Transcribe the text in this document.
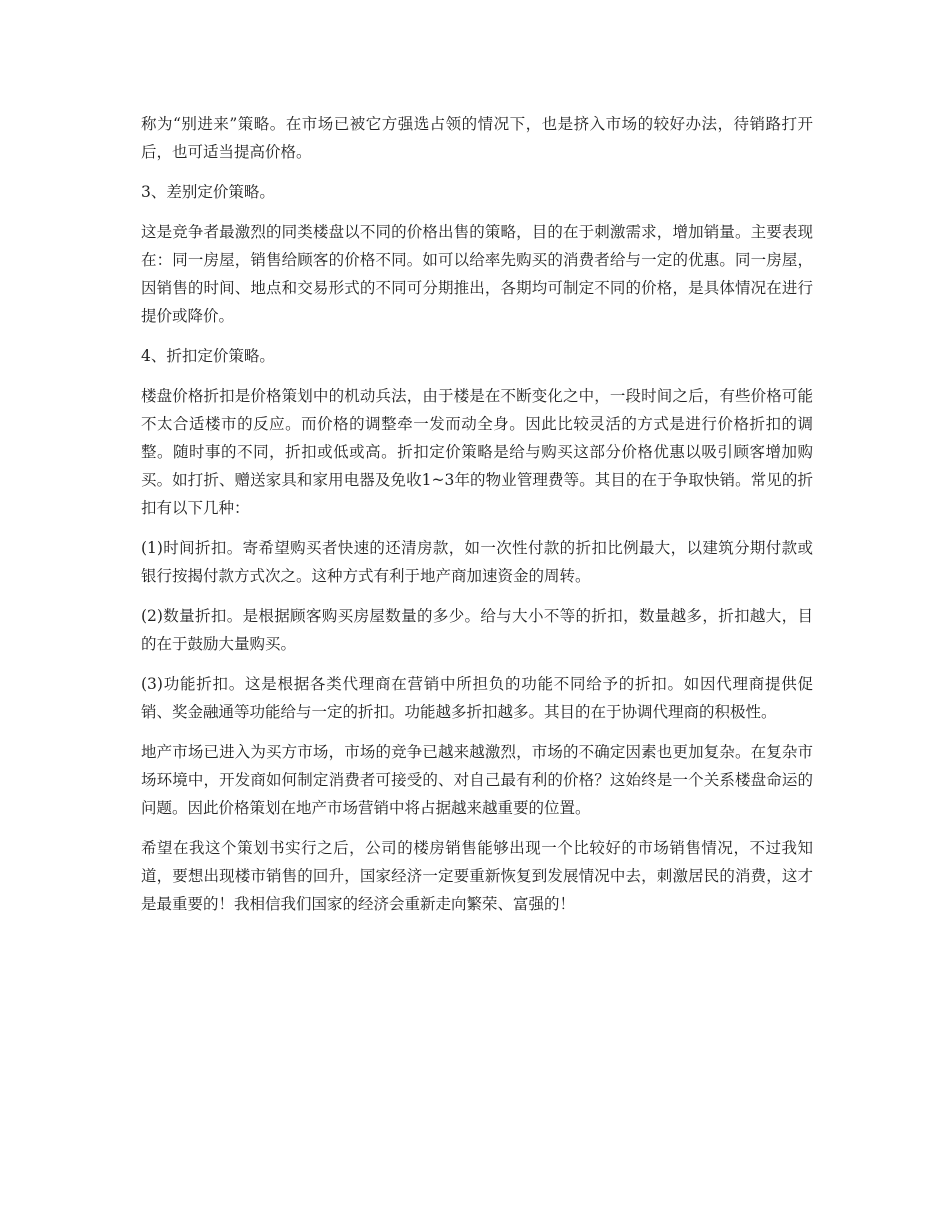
称为“别进来”策略。在市场已被它方强选占领的情况下，也是挤入市场的较好办法，待销路打开后，也可适当提高价格。

3、差别定价策略。

这是竞争者最激烈的同类楼盘以不同的价格出售的策略，目的在于刺激需求，增加销量。主要表现在：同一房屋，销售给顾客的价格不同。如可以给率先购买的消费者给与一定的优惠。同一房屋，因销售的时间、地点和交易形式的不同可分期推出，各期均可制定不同的价格，是具体情况在进行提价或降价。

4、折扣定价策略。

楼盘价格折扣是价格策划中的机动兵法，由于楼是在不断变化之中，一段时间之后，有些价格可能不太合适楼市的反应。而价格的调整牵一发而动全身。因此比较灵活的方式是进行价格折扣的调整。随时事的不同，折扣或低或高。折扣定价策略是给与购买这部分价格优惠以吸引顾客增加购买。如打折、赠送家具和家用电器及免收1~3年的物业管理费等。其目的在于争取快销。常见的折扣有以下几种：

(1)时间折扣。寄希望购买者快速的还清房款，如一次性付款的折扣比例最大，以建筑分期付款或银行按揭付款方式次之。这种方式有利于地产商加速资金的周转。

(2)数量折扣。是根据顾客购买房屋数量的多少。给与大小不等的折扣，数量越多，折扣越大，目的在于鼓励大量购买。

(3)功能折扣。这是根据各类代理商在营销中所担负的功能不同给予的折扣。如因代理商提供促销、奖金融通等功能给与一定的折扣。功能越多折扣越多。其目的在于协调代理商的积极性。

地产市场已进入为买方市场，市场的竞争已越来越激烈，市场的不确定因素也更加复杂。在复杂市场环境中，开发商如何制定消费者可接受的、对自己最有利的价格？这始终是一个关系楼盘命运的问题。因此价格策划在地产市场营销中将占据越来越重要的位置。

希望在我这个策划书实行之后，公司的楼房销售能够出现一个比较好的市场销售情况，不过我知道，要想出现楼市销售的回升，国家经济一定要重新恢复到发展情况中去，刺激居民的消费，这才是最重要的！我相信我们国家的经济会重新走向繁荣、富强的！
